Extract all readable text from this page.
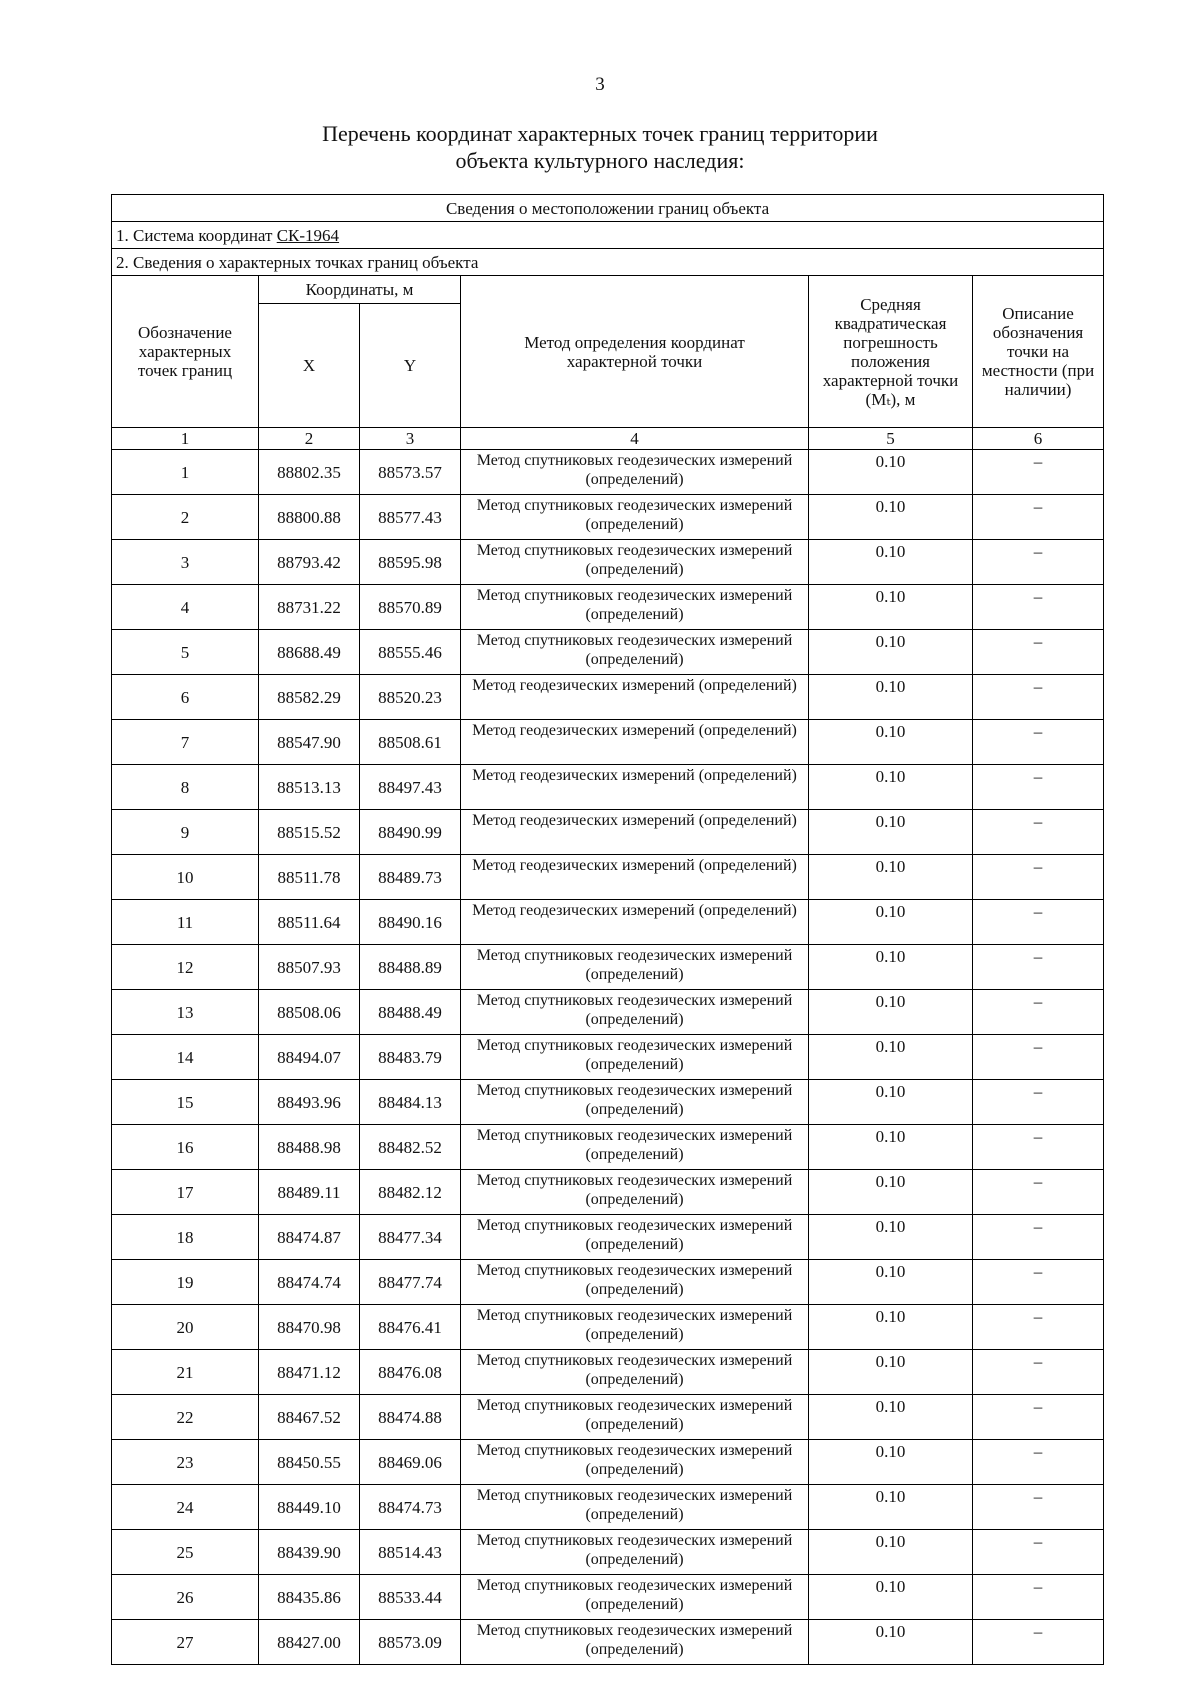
3
Перечень координат характерных точек границ территории
объекта культурного наследия:
Сведения о местоположении границ объекта					
1. Система координат СК-1964					
2. Сведения о характерных точках границ объекта					
Обозначение характерных точек границ	Координаты, м		Метод определения координат характерной точки	Средняя квадратическая погрешность положения характерной точки (Mₜ), м	Описание обозначения точки на местности (при наличии)
	X	Y			
1	2	3	4	5	6
1	88802.35	88573.57	Метод спутниковых геодезических измерений (определений)	0.10	–
2	88800.88	88577.43	Метод спутниковых геодезических измерений (определений)	0.10	–
3	88793.42	88595.98	Метод спутниковых геодезических измерений (определений)	0.10	–
4	88731.22	88570.89	Метод спутниковых геодезических измерений (определений)	0.10	–
5	88688.49	88555.46	Метод спутниковых геодезических измерений (определений)	0.10	–
6	88582.29	88520.23	Метод геодезических измерений (определений)	0.10	–
7	88547.90	88508.61	Метод геодезических измерений (определений)	0.10	–
8	88513.13	88497.43	Метод геодезических измерений (определений)	0.10	–
9	88515.52	88490.99	Метод геодезических измерений (определений)	0.10	–
10	88511.78	88489.73	Метод геодезических измерений (определений)	0.10	–
11	88511.64	88490.16	Метод геодезических измерений (определений)	0.10	–
12	88507.93	88488.89	Метод спутниковых геодезических измерений (определений)	0.10	–
13	88508.06	88488.49	Метод спутниковых геодезических измерений (определений)	0.10	–
14	88494.07	88483.79	Метод спутниковых геодезических измерений (определений)	0.10	–
15	88493.96	88484.13	Метод спутниковых геодезических измерений (определений)	0.10	–
16	88488.98	88482.52	Метод спутниковых геодезических измерений (определений)	0.10	–
17	88489.11	88482.12	Метод спутниковых геодезических измерений (определений)	0.10	–
18	88474.87	88477.34	Метод спутниковых геодезических измерений (определений)	0.10	–
19	88474.74	88477.74	Метод спутниковых геодезических измерений (определений)	0.10	–
20	88470.98	88476.41	Метод спутниковых геодезических измерений (определений)	0.10	–
21	88471.12	88476.08	Метод спутниковых геодезических измерений (определений)	0.10	–
22	88467.52	88474.88	Метод спутниковых геодезических измерений (определений)	0.10	–
23	88450.55	88469.06	Метод спутниковых геодезических измерений (определений)	0.10	–
24	88449.10	88474.73	Метод спутниковых геодезических измерений (определений)	0.10	–
25	88439.90	88514.43	Метод спутниковых геодезических измерений (определений)	0.10	–
26	88435.86	88533.44	Метод спутниковых геодезических измерений (определений)	0.10	–
27	88427.00	88573.09	Метод спутниковых геодезических измерений (определений)	0.10	–
